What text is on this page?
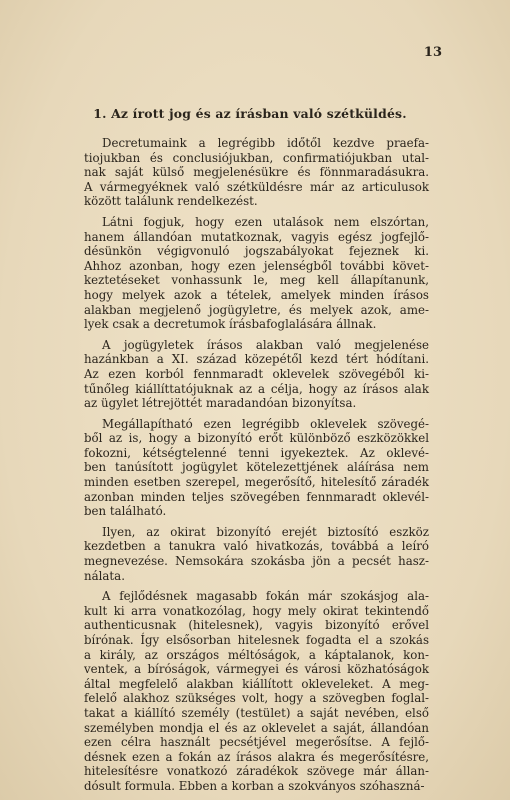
13
1. Az írott jog és az írásban való szétküldés.
Decretumaink a legrégibb időtől kezdve praefa-
tiojukban és conclusiójukban, confirmatiójukban utal-
nak saját külső megjelenésükre és fönnmaradásukra.
A vármegyéknek való szétküldésre már az articulusok
között találunk rendelkezést.
Látni fogjuk, hogy ezen utalások nem elszórtan,
hanem állandóan mutatkoznak, vagyis egész jogfejlő-
désünkön végigvonuló jogszabályokat fejeznek ki.
Ahhoz azonban, hogy ezen jelenségből további követ-
keztetéseket vonhassunk le, meg kell állapítanunk,
hogy melyek azok a tételek, amelyek minden írásos
alakban megjelenő jogügyletre, és melyek azok, ame-
lyek csak a decretumok írásbafoglalására állnak.
A jogügyletek írásos alakban való megjelenése
hazánkban a XI. század közepétől kezd tért hódítani.
Az ezen korból fennmaradt oklevelek szövegéből ki-
tűnőleg kiállíttatójuknak az a célja, hogy az írásos alak
az ügylet létrejöttét maradandóan bizonyítsa.
Megállapítható ezen legrégibb oklevelek szövegé-
ből az is, hogy a bizonyító erőt különböző eszközökkel
fokozni, kétségtelenné tenni igyekeztek. Az oklevé-
ben tanúsított jogügylet kötelezettjének aláírása nem
minden esetben szerepel, megerősítő, hitelesítő záradék
azonban minden teljes szövegében fennmaradt oklevél-
ben található.
Ilyen, az okirat bizonyító erejét biztosító eszköz
kezdetben a tanukra való hivatkozás, továbbá a leíró
megnevezése. Nemsokára szokásba jön a pecsét hasz-
nálata.
A fejlődésnek magasabb fokán már szokásjog ala-
kult ki arra vonatkozólag, hogy mely okirat tekintendő
authenticusnak (hitelesnek), vagyis bizonyító erővel
bírónak. Így elsősorban hitelesnek fogadta el a szokás
a király, az országos méltóságok, a káptalanok, kon-
ventek, a bíróságok, vármegyei és városi közhatóságok
által megfelelő alakban kiállított okleveleket. A meg-
felelő alakhoz szükséges volt, hogy a szövegben foglal-
takat a kiállító személy (testület) a saját nevében, első
személyben mondja el és az oklevelet a saját, állandóan
ezen célra használt pecsétjével megerősítse. A fejlő-
désnek ezen a fokán az írásos alakra és megerősítésre,
hitelesítésre vonatkozó záradékok szövege már állan-
dósult formula. Ebben a korban a szokványos szóhaszná-
